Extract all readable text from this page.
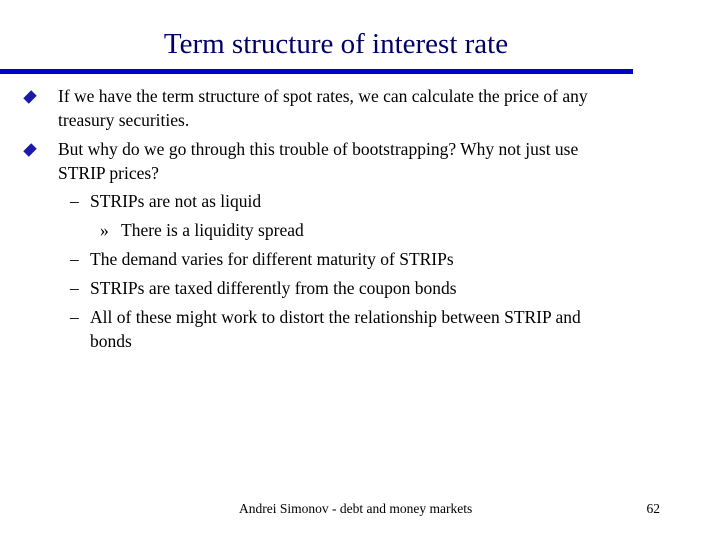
Term structure of interest rate

If we have the term structure of spot rates, we can calculate the price of any

treasury securities.

But why do we go through this trouble of bootstrapping? Why not just use

STRIP prices?

– STRIPs are not as liquid

» There is a liquidity spread

– The demand varies for different maturity of STRIPs

– STRIPs are taxed differently from the coupon bonds

– All of these might work to distort the relationship between STRIP and

bonds

Andrei Simonov - debt and money markets	62
